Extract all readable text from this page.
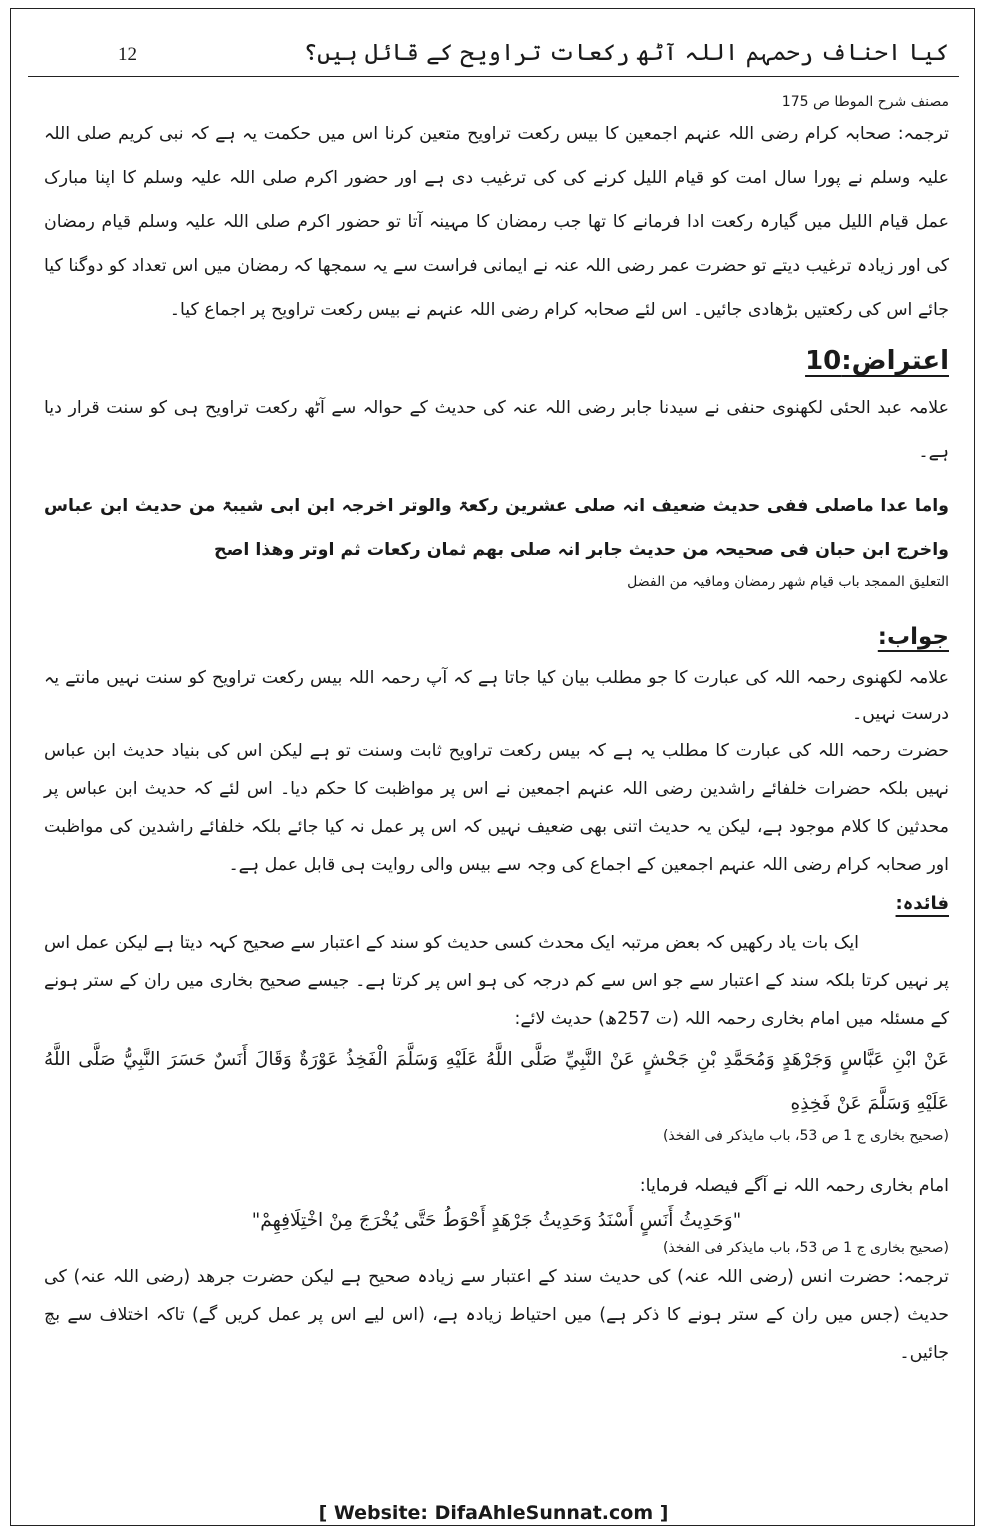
کیا احناف رحمہم اللہ آٹھ رکعات تراویح کے قائل ہیں؟
12

مصنف شرح الموطا ص 175

ترجمہ: صحابہ کرام رضی اللہ عنہم اجمعین کا بیس رکعت تراویح متعین کرنا اس میں حکمت یہ ہے کہ نبی کریم صلی اللہ علیہ وسلم نے پورا سال امت کو قیام اللیل کرنے کی کی ترغیب دی ہے اور حضور اکرم صلی اللہ علیہ وسلم کا اپنا مبارک عمل قیام اللیل میں گیارہ رکعت ادا فرمانے کا تھا جب رمضان کا مہینہ آتا تو حضور اکرم صلی اللہ علیہ وسلم قیام رمضان کی اور زیادہ ترغیب دیتے تو حضرت عمر رضی اللہ عنہ نے ایمانی فراست سے یہ سمجھا کہ رمضان میں اس تعداد کو دوگنا کیا جائے اس کی رکعتیں بڑھادی جائیں۔ اس لئے صحابہ کرام رضی اللہ عنہم نے بیس رکعت تراویح پر اجماع کیا۔

اعتراض:10

علامہ عبد الحئی لکھنوی حنفی نے سیدنا جابر رضی اللہ عنہ کی حدیث کے حوالہ سے آٹھ رکعت تراویح ہی کو سنت قرار دیا ہے۔

واما عدا ماصلی ففی حدیث ضعیف انہ صلی عشرین رکعۃ والوتر اخرجہ ابن ابی شیبۃ من حدیث ابن عباس واخرج ابن حبان فی صحیحہ من حدیث جابر انہ صلی بھم ثمان رکعات ثم اوتر وھذا اصح

التعلیق الممجد باب قیام شھر رمضان ومافیہ من الفضل

جواب:

علامہ لکھنوی رحمہ اللہ کی عبارت کا جو مطلب بیان کیا جاتا ہے کہ آپ رحمہ اللہ بیس رکعت تراویح کو سنت نہیں مانتے یہ درست نہیں۔

حضرت رحمہ اللہ کی عبارت کا مطلب یہ ہے کہ بیس رکعت تراویح ثابت وسنت تو ہے لیکن اس کی بنیاد حدیث ابن عباس نہیں بلکہ حضرات خلفائے راشدین رضی اللہ عنہم اجمعین نے اس پر مواظبت کا حکم دیا۔ اس لئے کہ حدیث ابن عباس پر محدثین کا کلام موجود ہے، لیکن یہ حدیث اتنی بھی ضعیف نہیں کہ اس پر عمل نہ کیا جائے بلکہ خلفائے راشدین کی مواظبت اور صحابہ کرام رضی اللہ عنہم اجمعین کے اجماع کی وجہ سے بیس والی روایت ہی قابل عمل ہے۔

فائدہ:

ایک بات یاد رکھیں کہ بعض مرتبہ ایک محدث کسی حدیث کو سند کے اعتبار سے صحیح کہہ دیتا ہے لیکن عمل اس پر نہیں کرتا بلکہ سند کے اعتبار سے جو اس سے کم درجہ کی ہو اس پر کرتا ہے۔ جیسے صحیح بخاری میں ران کے ستر ہونے کے مسئلہ میں امام بخاری رحمہ اللہ (ت 257ھ) حدیث لائے:

عَنْ ابْنِ عَبَّاسٍ وَجَرْهَدٍ وَمُحَمَّدِ بْنِ جَحْشٍ عَنْ النَّبِيِّ صَلَّى اللَّهُ عَلَيْهِ وَسَلَّمَ الْفَخِذُ عَوْرَةٌ وَقَالَ أَنَسٌ حَسَرَ النَّبِيُّ صَلَّى اللَّهُ عَلَيْهِ وَسَلَّمَ عَنْ فَخِذِهِ

(صحیح بخاری ج 1 ص 53، باب مایذکر فی الفخذ)

امام بخاری رحمہ اللہ نے آگے فیصلہ فرمایا:

"وَحَدِيثُ أَنَسٍ أَسْنَدُ وَحَدِيثُ جَرْهَدٍ أَحْوَطُ حَتَّى يُخْرَجَ مِنْ اخْتِلَافِهِمْ"

(صحیح بخاری ج 1 ص 53، باب مایذکر فی الفخذ)

ترجمہ: حضرت انس (رضی اللہ عنہ) کی حدیث سند کے اعتبار سے زیادہ صحیح ہے لیکن حضرت جرھد (رضی اللہ عنہ) کی حدیث (جس میں ران کے ستر ہونے کا ذکر ہے) میں احتیاط زیادہ ہے، (اس لیے اس پر عمل کریں گے) تاکہ اختلاف سے بچ جائیں۔

[ Website: DifaAhleSunnat.com ]
